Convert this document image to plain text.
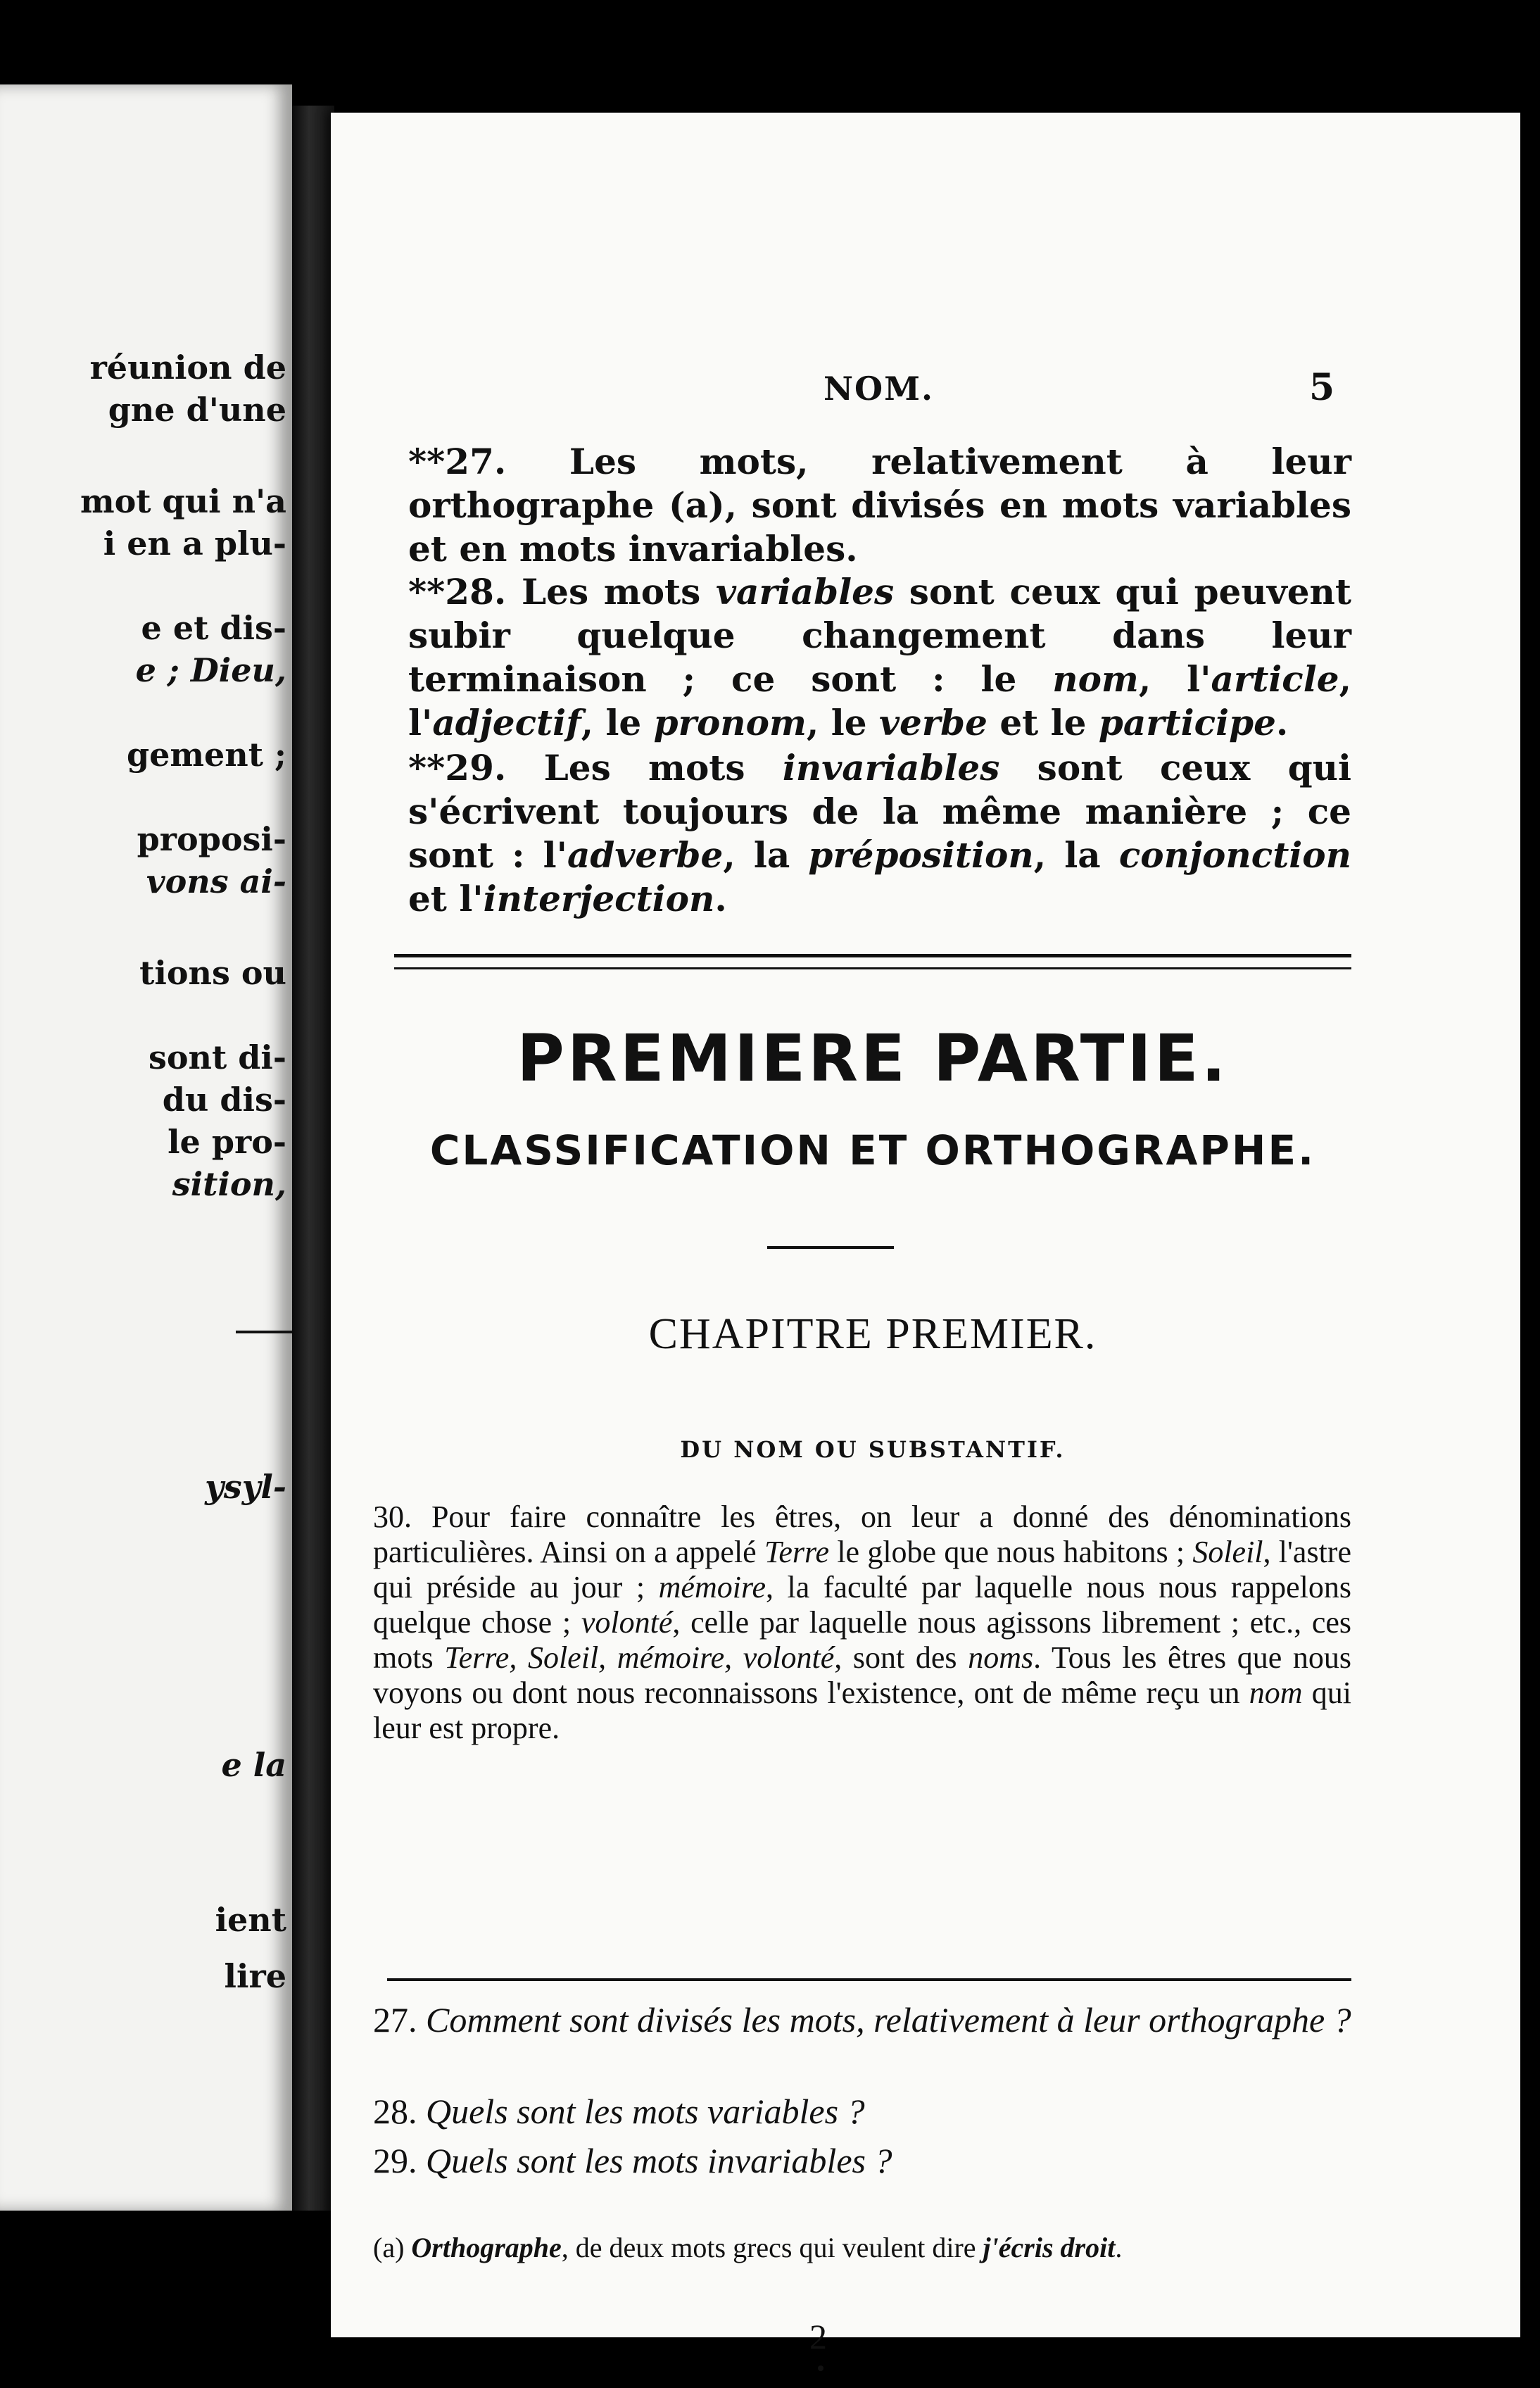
réunion de
gne d'une
mot qui n'a
i en a plu-
e et dis-
e ; Dieu,
gement ;
proposi-
vons ai-
tions ou
sont di-
du dis-
le pro-
sition,
ysyl-
e la
ient
lire
NOM.	5
**27. Les mots, relativement à leur orthographe (a), sont divisés en mots variables et en mots invariables.
**28. Les mots variables sont ceux qui peuvent subir quelque changement dans leur terminaison ; ce sont : le nom, l'article, l'adjectif, le pronom, le verbe et le participe.
**29. Les mots invariables sont ceux qui s'écrivent toujours de la même manière ; ce sont : l'adverbe, la préposition, la conjonction et l'interjection.
PREMIERE PARTIE.
CLASSIFICATION ET ORTHOGRAPHE.
CHAPITRE PREMIER.
DU NOM OU SUBSTANTIF.
30. Pour faire connaître les êtres, on leur a donné des dénominations particulières. Ainsi on a appelé Terre le globe que nous habitons ; Soleil, l'astre qui préside au jour ; mémoire, la faculté par laquelle nous nous rappelons quelque chose ; volonté, celle par laquelle nous agissons librement ; etc., ces mots Terre, Soleil, mémoire, volonté, sont des noms. Tous les êtres que nous voyons ou dont nous reconnaissons l'existence, ont de même reçu un nom qui leur est propre.
27. Comment sont divisés les mots, relativement à leur orthographe ?
28. Quels sont les mots variables ?
29. Quels sont les mots invariables ?
(a) Orthographe, de deux mots grecs qui veulent dire j'écris droit.
2
